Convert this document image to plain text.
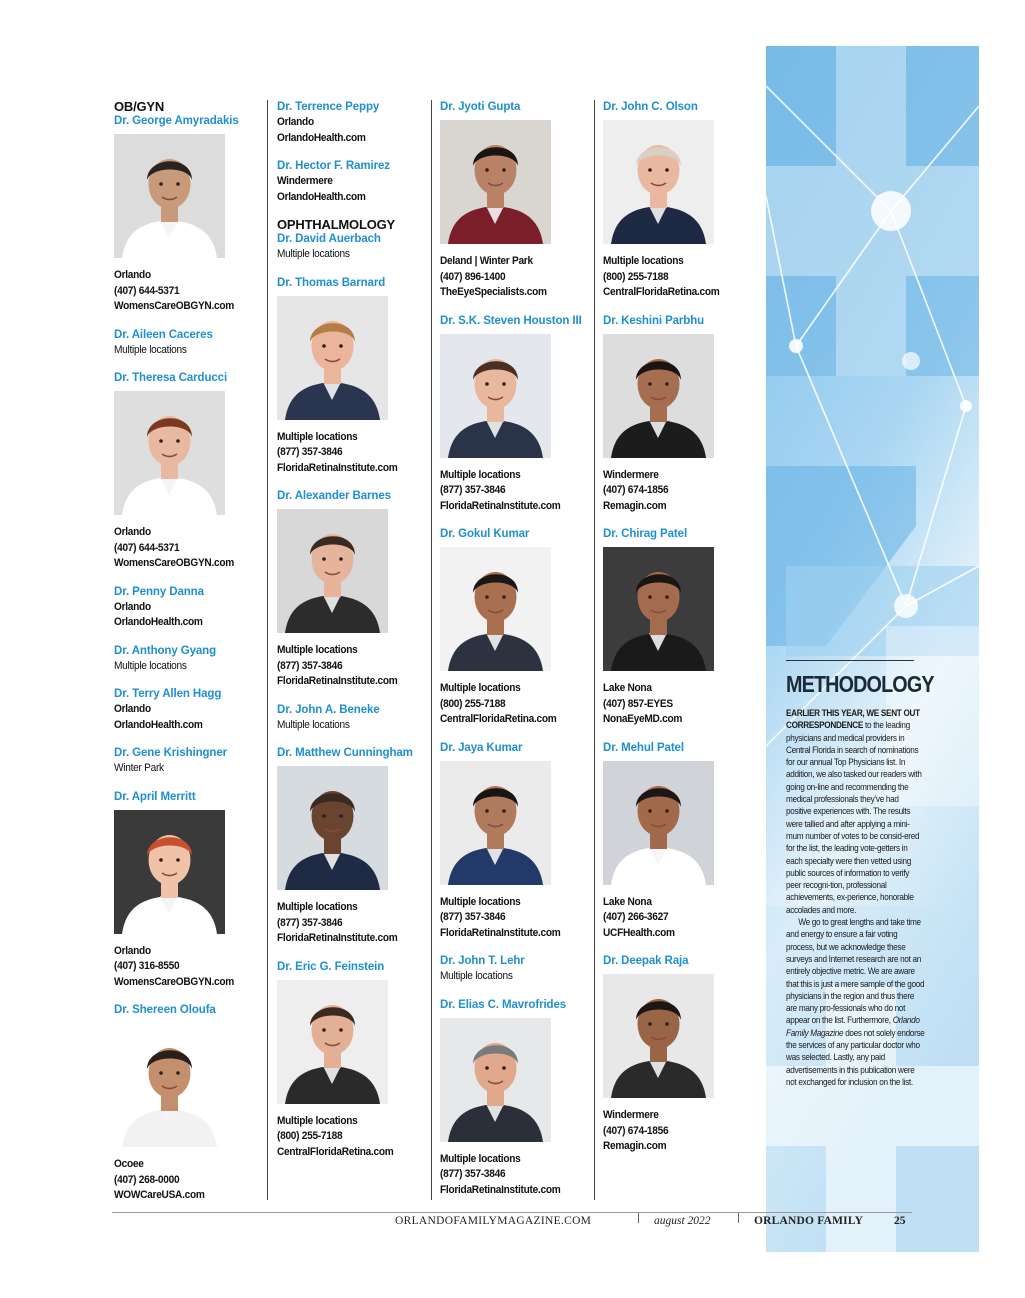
OB/GYN
Dr. George Amyradakis
Orlando
(407) 644-5371
WomensCareOBGYN.com
Dr. Aileen Caceres
Multiple locations
Dr. Theresa Carducci
Orlando
(407) 644-5371
WomensCareOBGYN.com
Dr. Penny Danna
Orlando
OrlandoHealth.com
Dr. Anthony Gyang
Multiple locations
Dr. Terry Allen Hagg
Orlando
OrlandoHealth.com
Dr. Gene Krishingner
Winter Park
Dr. April Merritt
Orlando
(407) 316-8550
WomensCareOBGYN.com
Dr. Shereen Oloufa
Ocoee
(407) 268-0000
WOWCareUSA.com
Dr. Terrence Peppy
Orlando
OrlandoHealth.com
Dr. Hector F. Ramirez
Windermere
OrlandoHealth.com
OPHTHALMOLOGY
Dr. David Auerbach
Multiple locations
Dr. Thomas Barnard
Multiple locations
(877) 357-3846
FloridaRetinaInstitute.com
Dr. Alexander Barnes
Multiple locations
(877) 357-3846
FloridaRetinaInstitute.com
Dr. John A. Beneke
Multiple locations
Dr. Matthew Cunningham
Multiple locations
(877) 357-3846
FloridaRetinaInstitute.com
Dr. Eric G. Feinstein
Multiple locations
(800) 255-7188
CentralFloridaRetina.com
Dr. Jyoti Gupta
Deland | Winter Park
(407) 896-1400
TheEyeSpecialists.com
Dr. S.K. Steven Houston III
Multiple locations
(877) 357-3846
FloridaRetinaInstitute.com
Dr. Gokul Kumar
Multiple locations
(800) 255-7188
CentralFloridaRetina.com
Dr. Jaya Kumar
Multiple locations
(877) 357-3846
FloridaRetinaInstitute.com
Dr. John T. Lehr
Multiple locations
Dr. Elias C. Mavrofrides
Multiple locations
(877) 357-3846
FloridaRetinaInstitute.com
Dr. John C. Olson
Multiple locations
(800) 255-7188
CentralFloridaRetina.com
Dr. Keshini Parbhu
Windermere
(407) 674-1856
Remagin.com
Dr. Chirag Patel
Lake Nona
(407) 857-EYES
NonaEyeMD.com
Dr. Mehul Patel
Lake Nona
(407) 266-3627
UCFHealth.com
Dr. Deepak Raja
Windermere
(407) 674-1856
Remagin.com
METHODOLOGY

EARLIER THIS YEAR, WE SENT OUT CORRESPONDENCE to the leading physicians and medical providers in Central Florida in search of nominations for our annual Top Physicians list. In addition, we also tasked our readers with going on-line and recommending the medical professionals they’ve had positive experiences with. The results were tallied and after applying a mini-mum number of votes to be consid-ered for the list, the leading vote-getters in each specialty were then vetted using public sources of information to verify peer recogni-tion, professional achievements, ex-perience, honorable accolades and more.

We go to great lengths and take time and energy to ensure a fair voting process, but we acknowledge these surveys and Internet research are not an entirely objective metric. We are aware that this is just a mere sample of the good physicians in the region and thus there are many pro-fessionals who do not appear on the list. Furthermore, Orlando Family Magazine does not solely endorse the services of any particular doctor who was selected. Lastly, any paid advertisements in this publication were not exchanged for inclusion on the list.

ORLANDOFAMILYMAGAZINE.COM	august 2022	ORLANDO FAMILY	25
